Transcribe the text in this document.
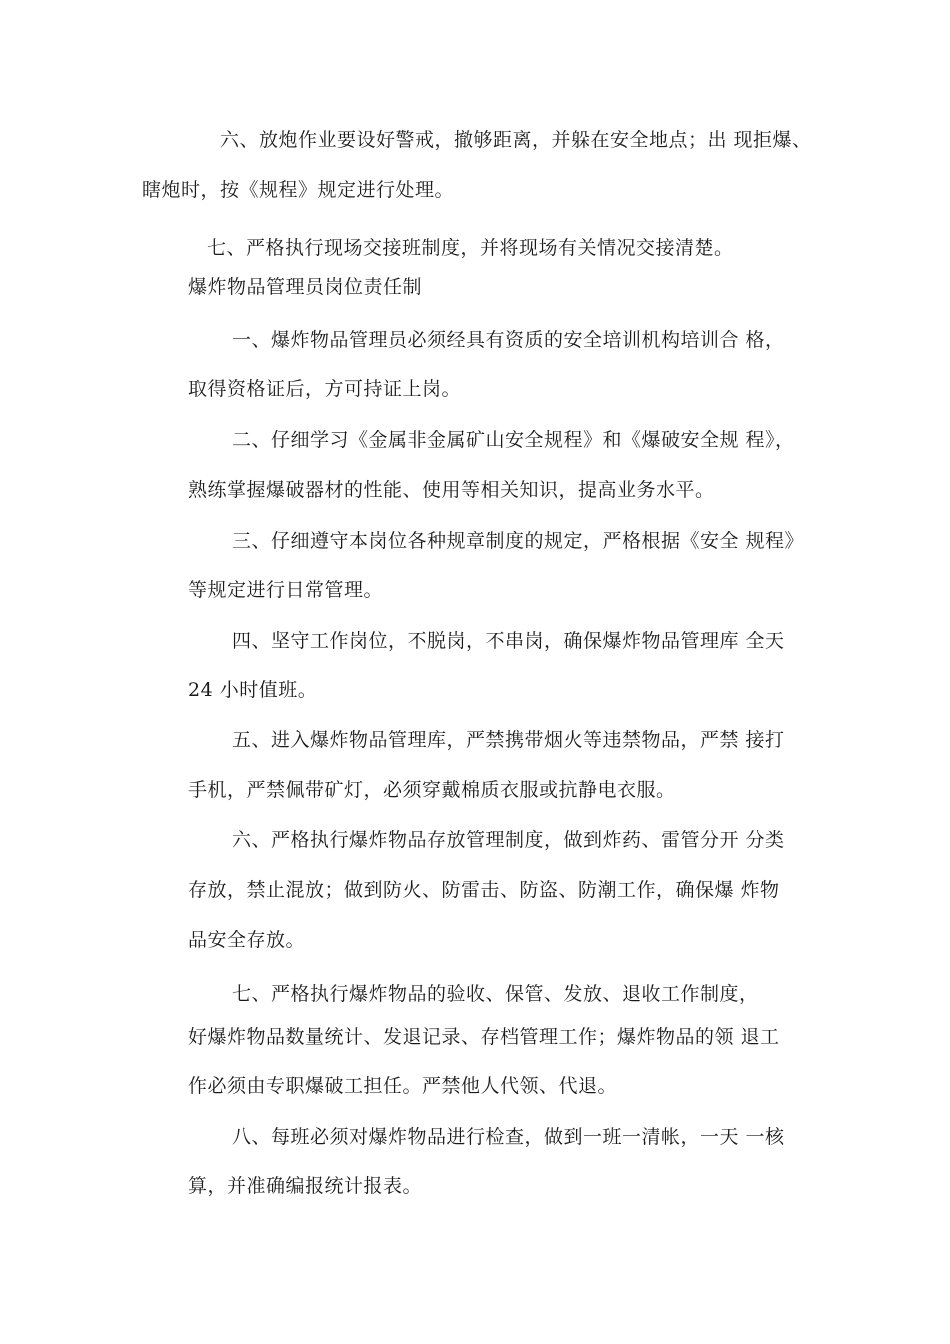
六、放炮作业要设好警戒，撤够距离，并躲在安全地点；出 现拒爆、
瞎炮时，按《规程》规定进行处理。
七、严格执行现场交接班制度，并将现场有关情况交接清楚。
爆炸物品管理员岗位责任制
一、爆炸物品管理员必须经具有资质的安全培训机构培训合 格，
取得资格证后，方可持证上岗。
二、仔细学习《金属非金属矿山安全规程》和《爆破安全规 程》，
熟练掌握爆破器材的性能、使用等相关知识，提高业务水平。
三、仔细遵守本岗位各种规章制度的规定，严格根据《安全 规程》
等规定进行日常管理。
四、坚守工作岗位，不脱岗，不串岗，确保爆炸物品管理库 全天
24 小时值班。
五、进入爆炸物品管理库，严禁携带烟火等违禁物品，严禁 接打
手机，严禁佩带矿灯，必须穿戴棉质衣服或抗静电衣服。
六、严格执行爆炸物品存放管理制度，做到炸药、雷管分开 分类
存放，禁止混放；做到防火、防雷击、防盗、防潮工作，确保爆 炸物
品安全存放。
七、严格执行爆炸物品的验收、保管、发放、退收工作制度，
好爆炸物品数量统计、发退记录、存档管理工作；爆炸物品的领 退工
作必须由专职爆破工担任。严禁他人代领、代退。
八、每班必须对爆炸物品进行检查，做到一班一清帐，一天 一核
算，并准确编报统计报表。
